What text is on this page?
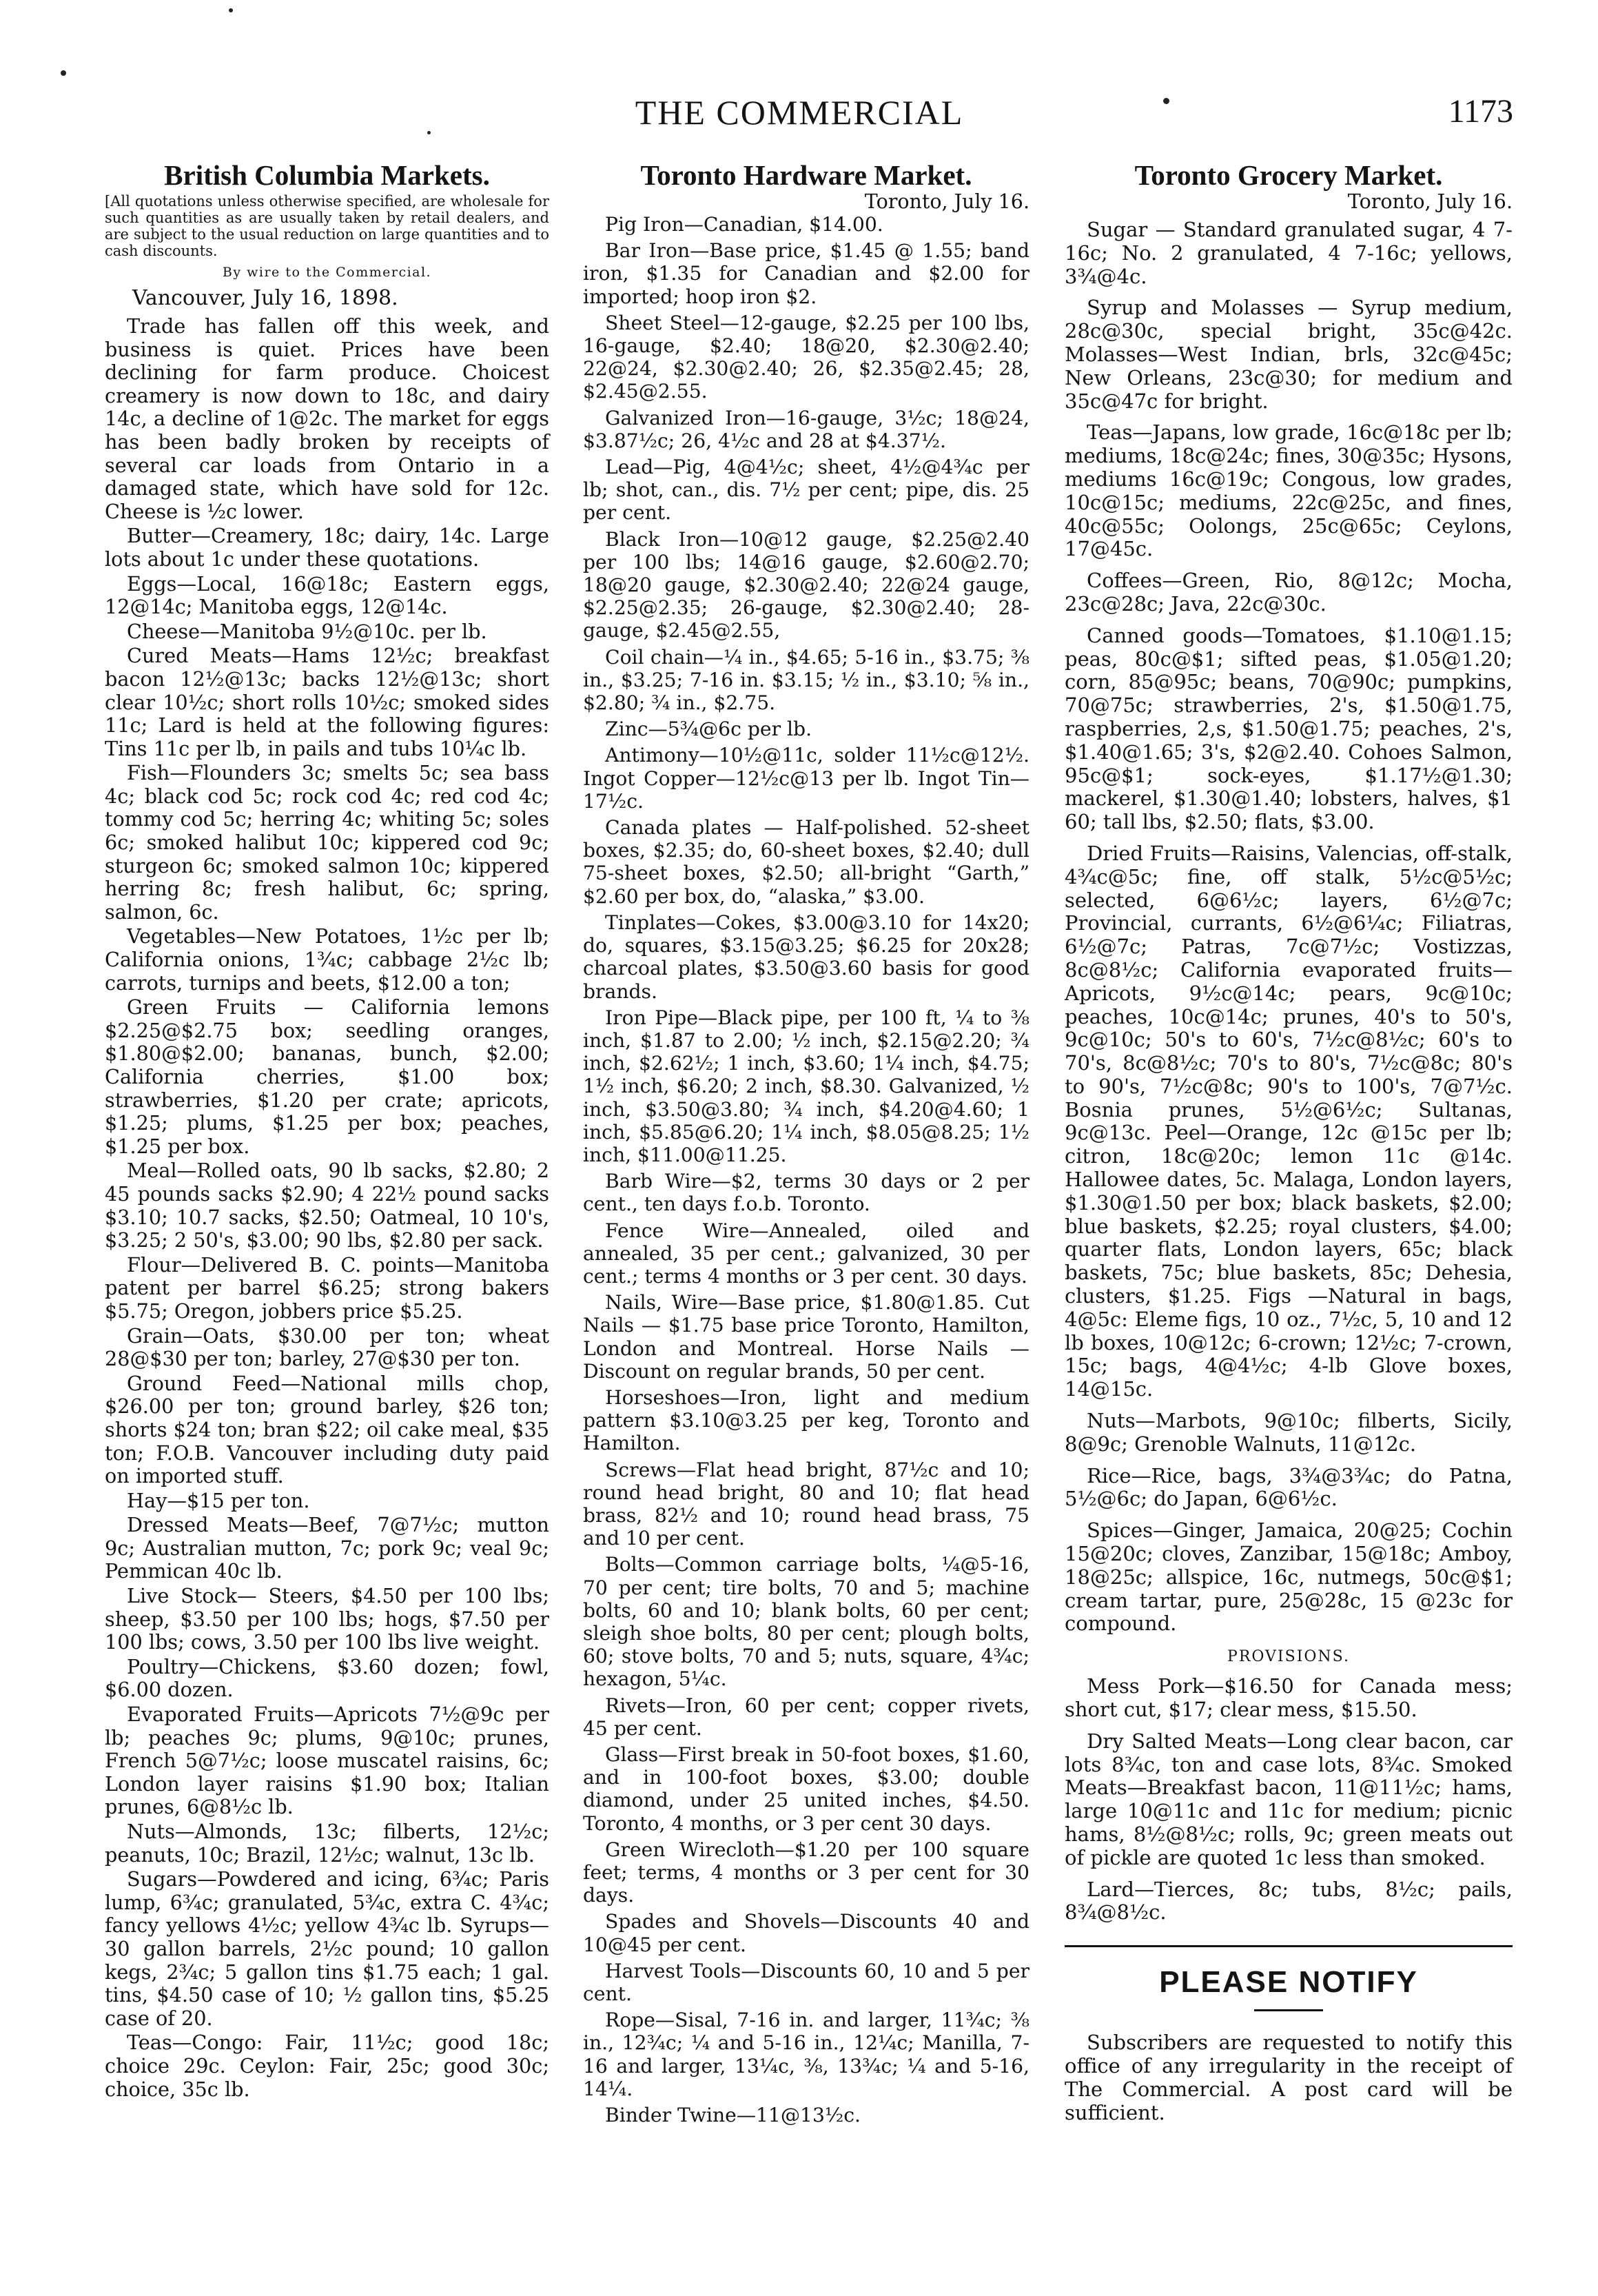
THE COMMERCIAL	1173
British Columbia Markets.

[All quotations unless otherwise specified, are wholesale for such quantities as are usually taken by retail dealers, and are subject to the usual reduction on large quantities and to cash discounts.

By wire to the Commercial.
Vancouver, July 16, 1898.

Trade has fallen off this week, and business is quiet. Prices have been declining for farm produce. Choicest creamery is now down to 18c, and dairy 14c, a decline of 1@2c. The market for eggs has been badly broken by receipts of several car loads from Ontario in a damaged state, which have sold for 12c. Cheese is ½c lower.

Butter—Creamery, 18c; dairy, 14c. Large lots about 1c under these quotations.

Eggs—Local, 16@18c; Eastern eggs, 12@14c; Manitoba eggs, 12@14c.

Cheese—Manitoba 9½@10c. per lb.

Cured Meats—Hams 12½c; breakfast bacon 12½@13c; backs 12½@13c; short clear 10½c; short rolls 10½c; smoked sides 11c; Lard is held at the following figures: Tins 11c per lb, in pails and tubs 10¼c lb.

Fish—Flounders 3c; smelts 5c; sea bass 4c; black cod 5c; rock cod 4c; red cod 4c; tommy cod 5c; herring 4c; whiting 5c; soles 6c; smoked halibut 10c; kippered cod 9c; sturgeon 6c; smoked salmon 10c; kippered herring 8c; fresh halibut, 6c; spring, salmon, 6c.

Vegetables—New Potatoes, 1½c per lb; California onions, 1¾c; cabbage 2½c lb; carrots, turnips and beets, $12.00 a ton;

Green Fruits — California lemons $2.25@$2.75 box; seedling oranges, $1.80@$2.00; bananas, bunch, $2.00; California cherries, $1.00 box; strawberries, $1.20 per crate; apricots, $1.25; plums, $1.25 per box; peaches, $1.25 per box.

Meal—Rolled oats, 90 lb sacks, $2.80; 2 45 pounds sacks $2.90; 4 22½ pound sacks $3.10; 10.7 sacks, $2.50; Oatmeal, 10 10's, $3.25; 2 50's, $3.00; 90 lbs, $2.80 per sack.

Flour—Delivered B. C. points—Manitoba patent per barrel $6.25; strong bakers $5.75; Oregon, jobbers price $5.25.

Grain—Oats, $30.00 per ton; wheat 28@$30 per ton; barley, 27@$30 per ton.

Ground Feed—National mills chop, $26.00 per ton; ground barley, $26 ton; shorts $24 ton; bran $22; oil cake meal, $35 ton; F.O.B. Vancouver including duty paid on imported stuff.

Hay—$15 per ton.

Dressed Meats—Beef, 7@7½c; mutton 9c; Australian mutton, 7c; pork 9c; veal 9c; Pemmican 40c lb.

Live Stock— Steers, $4.50 per 100 lbs; sheep, $3.50 per 100 lbs; hogs, $7.50 per 100 lbs; cows, 3.50 per 100 lbs live weight.

Poultry—Chickens, $3.60 dozen; fowl, $6.00 dozen.

Evaporated Fruits—Apricots 7½@9c per lb; peaches 9c; plums, 9@10c; prunes, French 5@7½c; loose muscatel raisins, 6c; London layer raisins $1.90 box; Italian prunes, 6@8½c lb.

Nuts—Almonds, 13c; filberts, 12½c; peanuts, 10c; Brazil, 12½c; walnut, 13c lb.

Sugars—Powdered and icing, 6¾c; Paris lump, 6¾c; granulated, 5¾c, extra C. 4¾c; fancy yellows 4½c; yellow 4¾c lb. Syrups—30 gallon barrels, 2½c pound; 10 gallon kegs, 2¾c; 5 gallon tins $1.75 each; 1 gal. tins, $4.50 case of 10; ½ gallon tins, $5.25 case of 20.

Teas—Congo: Fair, 11½c; good 18c; choice 29c. Ceylon: Fair, 25c; good 30c; choice, 35c lb.

Toronto Hardware Market.

Toronto, July 16.

Pig Iron—Canadian, $14.00.

Bar Iron—Base price, $1.45 @ 1.55; band iron, $1.35 for Canadian and $2.00 for imported; hoop iron $2.

Sheet Steel—12-gauge, $2.25 per 100 lbs, 16-gauge, $2.40; 18@20, $2.30@2.40; 22@24, $2.30@2.40; 26, $2.35@2.45; 28, $2.45@2.55.

Galvanized Iron—16-gauge, 3½c; 18@24, $3.87½c; 26, 4½c and 28 at $4.37½.

Lead—Pig, 4@4½c; sheet, 4½@4¾c per lb; shot, can., dis. 7½ per cent; pipe, dis. 25 per cent.

Black Iron—10@12 gauge, $2.25@2.40 per 100 lbs; 14@16 gauge, $2.60@2.70; 18@20 gauge, $2.30@2.40; 22@24 gauge, $2.25@2.35; 26-gauge, $2.30@2.40; 28-gauge, $2.45@2.55,

Coil chain—¼ in., $4.65; 5-16 in., $3.75; ⅜ in., $3.25; 7-16 in. $3.15; ½ in., $3.10; ⅝ in., $2.80; ¾ in., $2.75.

Zinc—5¾@6c per lb.

Antimony—10½@11c, solder 11½c@12½. Ingot Copper—12½c@13 per lb. Ingot Tin—17½c.

Canada plates — Half-polished. 52-sheet boxes, $2.35; do, 60-sheet boxes, $2.40; dull 75-sheet boxes, $2.50; all-bright “Garth,” $2.60 per box, do, “alaska,” $3.00.

Tinplates—Cokes, $3.00@3.10 for 14x20; do, squares, $3.15@3.25; $6.25 for 20x28; charcoal plates, $3.50@3.60 basis for good brands.

Iron Pipe—Black pipe, per 100 ft, ¼ to ⅜ inch, $1.87 to 2.00; ½ inch, $2.15@2.20; ¾ inch, $2.62½; 1 inch, $3.60; 1¼ inch, $4.75; 1½ inch, $6.20; 2 inch, $8.30. Galvanized, ½ inch, $3.50@3.80; ¾ inch, $4.20@4.60; 1 inch, $5.85@6.20; 1¼ inch, $8.05@8.25; 1½ inch, $11.00@11.25.

Barb Wire—$2, terms 30 days or 2 per cent., ten days f.o.b. Toronto.

Fence Wire—Annealed, oiled and annealed, 35 per cent.; galvanized, 30 per cent.; terms 4 months or 3 per cent. 30 days.

Nails, Wire—Base price, $1.80@1.85. Cut Nails — $1.75 base price Toronto, Hamilton, London and Montreal. Horse Nails — Discount on regular brands, 50 per cent.

Horseshoes—Iron, light and medium pattern $3.10@3.25 per keg, Toronto and Hamilton.

Screws—Flat head bright, 87½c and 10; round head bright, 80 and 10; flat head brass, 82½ and 10; round head brass, 75 and 10 per cent.

Bolts—Common carriage bolts, ¼@5-16, 70 per cent; tire bolts, 70 and 5; machine bolts, 60 and 10; blank bolts, 60 per cent; sleigh shoe bolts, 80 per cent; plough bolts, 60; stove bolts, 70 and 5; nuts, square, 4¾c; hexagon, 5¼c.

Rivets—Iron, 60 per cent; copper rivets, 45 per cent.

Glass—First break in 50-foot boxes, $1.60, and in 100-foot boxes, $3.00; double diamond, under 25 united inches, $4.50. Toronto, 4 months, or 3 per cent 30 days.

Green Wirecloth—$1.20 per 100 square feet; terms, 4 months or 3 per cent for 30 days.

Spades and Shovels—Discounts 40 and 10@45 per cent.

Harvest Tools—Discounts 60, 10 and 5 per cent.

Rope—Sisal, 7-16 in. and larger, 11¾c; ⅜ in., 12¾c; ¼ and 5-16 in., 12¼c; Manilla, 7-16 and larger, 13¼c, ⅜, 13¾c; ¼ and 5-16, 14¼.

Binder Twine—11@13½c.

Toronto Grocery Market.

Toronto, July 16.

Sugar — Standard granulated sugar, 4 7-16c; No. 2 granulated, 4 7-16c; yellows, 3¾@4c.

Syrup and Molasses — Syrup medium, 28c@30c, special bright, 35c@42c. Molasses—West Indian, brls, 32c@45c; New Orleans, 23c@30; for medium and 35c@47c for bright.

Teas—Japans, low grade, 16c@18c per lb; mediums, 18c@24c; fines, 30@35c; Hysons, mediums 16c@19c; Congous, low grades, 10c@15c; mediums, 22c@25c, and fines, 40c@55c; Oolongs, 25c@65c; Ceylons, 17@45c.

Coffees—Green, Rio, 8@12c; Mocha, 23c@28c; Java, 22c@30c.

Canned goods—Tomatoes, $1.10@1.15; peas, 80c@$1; sifted peas, $1.05@1.20; corn, 85@95c; beans, 70@90c; pumpkins, 70@75c; strawberries, 2's, $1.50@1.75, raspberries, 2,s, $1.50@1.75; peaches, 2's, $1.40@1.65; 3's, $2@2.40. Cohoes Salmon, 95c@$1; sock-eyes, $1.17½@1.30; mackerel, $1.30@1.40; lobsters, halves, $1 60; tall lbs, $2.50; flats, $3.00.

Dried Fruits—Raisins, Valencias, off-stalk, 4¾c@5c; fine, off stalk, 5½c@5½c; selected, 6@6½c; layers, 6½@7c; Provincial, currants, 6½@6¼c; Filiatras, 6½@7c; Patras, 7c@7½c; Vostizzas, 8c@8½c; California evaporated fruits—Apricots, 9½c@14c; pears, 9c@10c; peaches, 10c@14c; prunes, 40's to 50's, 9c@10c; 50's to 60's, 7½c@8½c; 60's to 70's, 8c@8½c; 70's to 80's, 7½c@8c; 80's to 90's, 7½c@8c; 90's to 100's, 7@7½c. Bosnia prunes, 5½@6½c; Sultanas, 9c@13c. Peel—Orange, 12c @15c per lb; citron, 18c@20c; lemon 11c @14c. Hallowee dates, 5c. Malaga, London layers, $1.30@1.50 per box; black baskets, $2.00; blue baskets, $2.25; royal clusters, $4.00; quarter flats, London layers, 65c; black baskets, 75c; blue baskets, 85c; Dehesia, clusters, $1.25. Figs —Natural in bags, 4@5c: Eleme figs, 10 oz., 7½c, 5, 10 and 12 lb boxes, 10@12c; 6-crown; 12½c; 7-crown, 15c; bags, 4@4½c; 4-lb Glove boxes, 14@15c.

Nuts—Marbots, 9@10c; filberts, Sicily, 8@9c; Grenoble Walnuts, 11@12c.

Rice—Rice, bags, 3¾@3¾c; do Patna, 5½@6c; do Japan, 6@6½c.

Spices—Ginger, Jamaica, 20@25; Cochin 15@20c; cloves, Zanzibar, 15@18c; Amboy, 18@25c; allspice, 16c, nutmegs, 50c@$1; cream tartar, pure, 25@28c, 15 @23c for compound.

PROVISIONS.

Mess Pork—$16.50 for Canada mess; short cut, $17; clear mess, $15.50.

Dry Salted Meats—Long clear bacon, car lots 8¾c, ton and case lots, 8¾c. Smoked Meats—Breakfast bacon, 11@11½c; hams, large 10@11c and 11c for medium; picnic hams, 8½@8½c; rolls, 9c; green meats out of pickle are quoted 1c less than smoked.

Lard—Tierces, 8c; tubs, 8½c; pails, 8¾@8½c.

PLEASE NOTIFY

Subscribers are requested to notify this office of any irregularity in the receipt of The Commercial. A post card will be sufficient.
